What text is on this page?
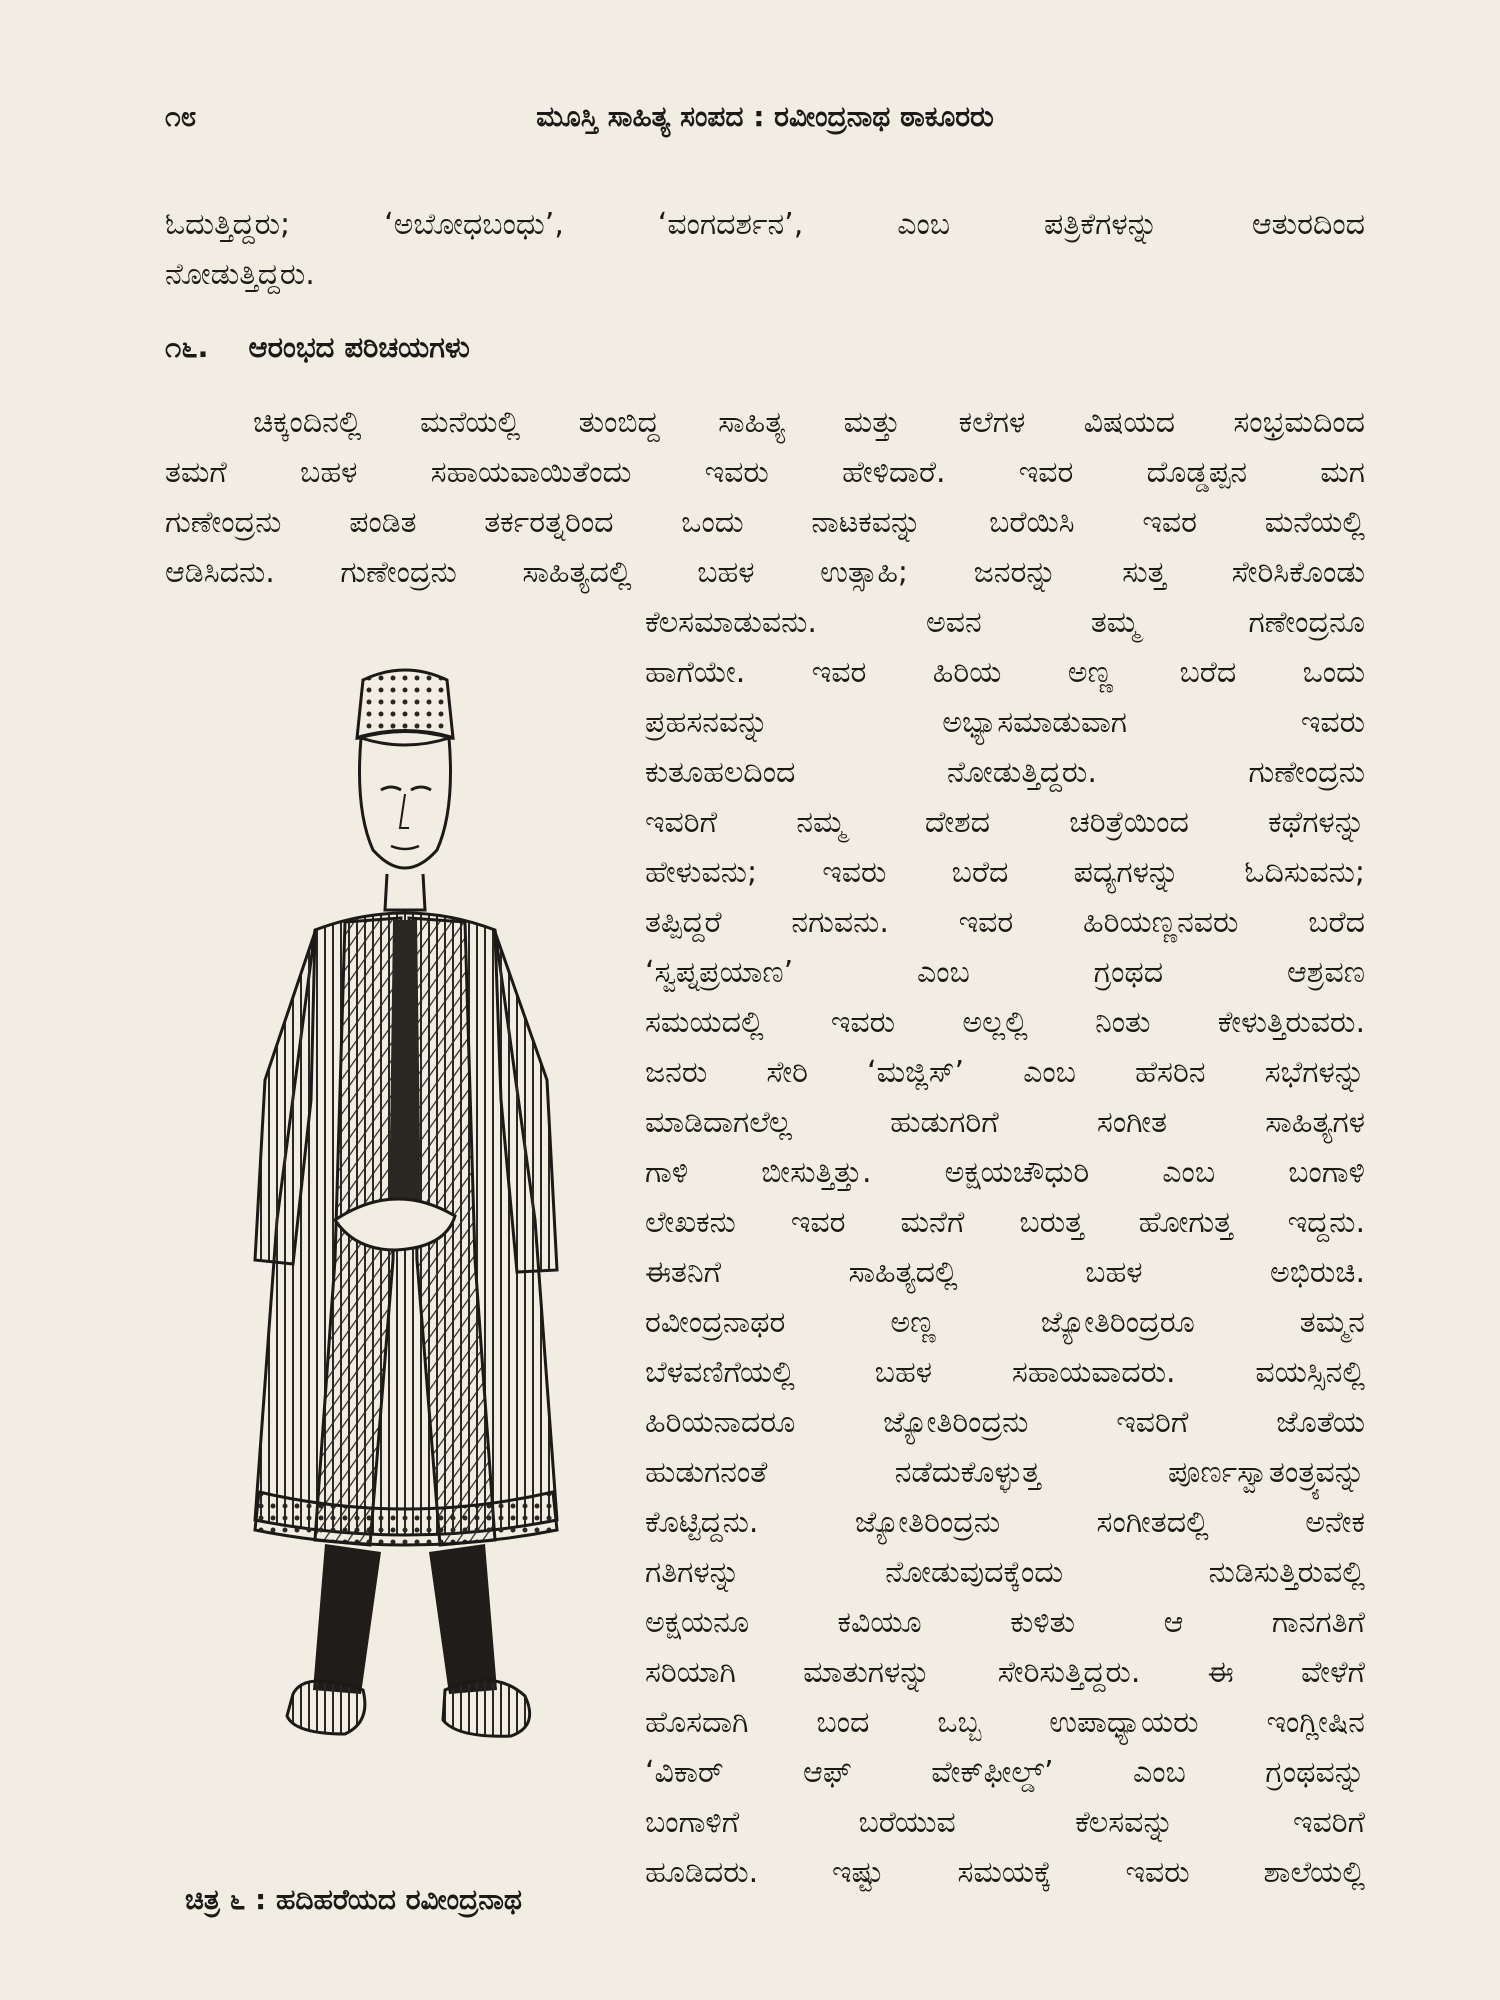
೧೮	ಮೂಸ್ತಿ ಸಾಹಿತ್ಯ ಸಂಪದ : ರವೀಂದ್ರನಾಥ ಠಾಕೂರರು
ಓದುತ್ತಿದ್ದರು; ‘ಅಬೋಧಬಂಧು’, ‘ವಂಗದರ್ಶನ’, ಎಂಬ ಪತ್ರಿಕೆಗಳನ್ನು ಆತುರದಿಂದ
ನೋಡುತ್ತಿದ್ದರು.
೧೬. ಆರಂಭದ ಪರಿಚಯಗಳು
ಚಿಕ್ಕಂದಿನಲ್ಲಿ ಮನೆಯಲ್ಲಿ ತುಂಬಿದ್ದ ಸಾಹಿತ್ಯ ಮತ್ತು ಕಲೆಗಳ ವಿಷಯದ ಸಂಭ್ರಮದಿಂದ
ತಮಗೆ ಬಹಳ ಸಹಾಯವಾಯಿತೆಂದು ಇವರು ಹೇಳಿದಾರೆ. ಇವರ ದೊಡ್ಡಪ್ಪನ ಮಗ
ಗುಣೇಂದ್ರನು ಪಂಡಿತ ತರ್ಕರತ್ನರಿಂದ ಒಂದು ನಾಟಕವನ್ನು ಬರೆಯಿಸಿ ಇವರ ಮನೆಯಲ್ಲಿ
ಆಡಿಸಿದನು. ಗುಣೇಂದ್ರನು ಸಾಹಿತ್ಯದಲ್ಲಿ ಬಹಳ ಉತ್ಸಾಹಿ; ಜನರನ್ನು ಸುತ್ತ ಸೇರಿಸಿಕೊಂಡು
ಕೆಲಸಮಾಡುವನು. ಅವನ ತಮ್ಮ ಗಣೇಂದ್ರನೂ
ಹಾಗೆಯೇ. ಇವರ ಹಿರಿಯ ಅಣ್ಣ ಬರೆದ ಒಂದು
ಪ್ರಹಸನವನ್ನು ಅಭ್ಯಾಸಮಾಡುವಾಗ ಇವರು
ಕುತೂಹಲದಿಂದ ನೋಡುತ್ತಿದ್ದರು. ಗುಣೇಂದ್ರನು
ಇವರಿಗೆ ನಮ್ಮ ದೇಶದ ಚರಿತ್ರೆಯಿಂದ ಕಥೆಗಳನ್ನು
ಹೇಳುವನು; ಇವರು ಬರೆದ ಪದ್ಯಗಳನ್ನು ಓದಿಸುವನು;
ತಪ್ಪಿದ್ದರೆ ನಗುವನು. ಇವರ ಹಿರಿಯಣ್ಣನವರು ಬರೆದ
‘ಸ್ವಪ್ನಪ್ರಯಾಣ’ ಎಂಬ ಗ್ರಂಥದ ಆಶ್ರವಣ
ಸಮಯದಲ್ಲಿ ಇವರು ಅಲ್ಲಲ್ಲಿ ನಿಂತು ಕೇಳುತ್ತಿರುವರು.
ಜನರು ಸೇರಿ ‘ಮಜ್ಲಿಸ್’ ಎಂಬ ಹೆಸರಿನ ಸಭೆಗಳನ್ನು
ಮಾಡಿದಾಗಲೆಲ್ಲ ಹುಡುಗರಿಗೆ ಸಂಗೀತ ಸಾಹಿತ್ಯಗಳ
ಗಾಳಿ ಬೀಸುತ್ತಿತ್ತು. ಅಕ್ಷಯಚೌಧುರಿ ಎಂಬ ಬಂಗಾಳಿ
ಲೇಖಕನು ಇವರ ಮನೆಗೆ ಬರುತ್ತ ಹೋಗುತ್ತ ಇದ್ದನು.
ಈತನಿಗೆ ಸಾಹಿತ್ಯದಲ್ಲಿ ಬಹಳ ಅಭಿರುಚಿ.
ರವೀಂದ್ರನಾಥರ ಅಣ್ಣ ಜ್ಯೋತಿರಿಂದ್ರರೂ ತಮ್ಮನ
ಬೆಳವಣಿಗೆಯಲ್ಲಿ ಬಹಳ ಸಹಾಯವಾದರು. ವಯಸ್ಸಿನಲ್ಲಿ
ಹಿರಿಯನಾದರೂ ಜ್ಯೋತಿರಿಂದ್ರನು ಇವರಿಗೆ ಜೊತೆಯ
ಹುಡುಗನಂತೆ ನಡೆದುಕೊಳ್ಳುತ್ತ ಪೂರ್ಣಸ್ವಾತಂತ್ರ್ಯವನ್ನು
ಕೊಟ್ಟಿದ್ದನು. ಜ್ಯೋತಿರಿಂದ್ರನು ಸಂಗೀತದಲ್ಲಿ ಅನೇಕ
ಗತಿಗಳನ್ನು ನೋಡುವುದಕ್ಕೆಂದು ನುಡಿಸುತ್ತಿರುವಲ್ಲಿ
ಅಕ್ಷಯನೂ ಕವಿಯೂ ಕುಳಿತು ಆ ಗಾನಗತಿಗೆ
ಸರಿಯಾಗಿ ಮಾತುಗಳನ್ನು ಸೇರಿಸುತ್ತಿದ್ದರು. ಈ ವೇಳೆಗೆ
ಹೊಸದಾಗಿ ಬಂದ ಒಬ್ಬ ಉಪಾಧ್ಯಾಯರು ಇಂಗ್ಲೀಷಿನ
‘ವಿಕಾರ್ ಆಫ್ ವೇಕ್‌ಫೀಲ್ಡ್’ ಎಂಬ ಗ್ರಂಥವನ್ನು
ಬಂಗಾಳಿಗೆ ಬರೆಯುವ ಕೆಲಸವನ್ನು ಇವರಿಗೆ
ಹೂಡಿದರು. ಇಷ್ಟು ಸಮಯಕ್ಕೆ ಇವರು ಶಾಲೆಯಲ್ಲಿ
ಚಿತ್ರ ೬ : ಹದಿಹರೆಯದ ರವೀಂದ್ರನಾಥ
